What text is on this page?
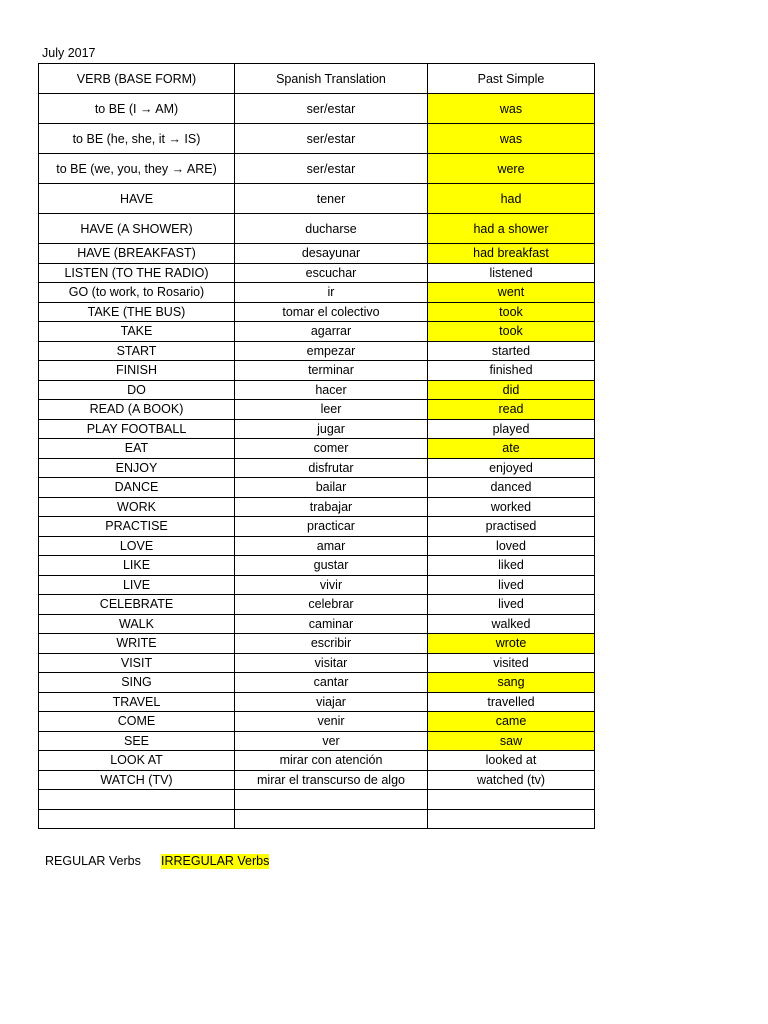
July 2017
VERB (BASE FORM)	Spanish Translation	Past Simple
to BE (I → AM)	ser/estar	was
to BE (he, she, it → IS)	ser/estar	was
to BE (we, you, they → ARE)	ser/estar	were
HAVE	tener	had
HAVE (A SHOWER)	ducharse	had a shower
HAVE (BREAKFAST)	desayunar	had breakfast
LISTEN (TO THE RADIO)	escuchar	listened
GO (to work, to Rosario)	ir	went
TAKE (THE BUS)	tomar el colectivo	took
TAKE	agarrar	took
START	empezar	started
FINISH	terminar	finished
DO	hacer	did
READ (A BOOK)	leer	read
PLAY FOOTBALL	jugar	played
EAT	comer	ate
ENJOY	disfrutar	enjoyed
DANCE	bailar	danced
WORK	trabajar	worked
PRACTISE	practicar	practised
LOVE	amar	loved
LIKE	gustar	liked
LIVE	vivir	lived
CELEBRATE	celebrar	lived
WALK	caminar	walked
WRITE	escribir	wrote
VISIT	visitar	visited
SING	cantar	sang
TRAVEL	viajar	travelled
COME	venir	came
SEE	ver	saw
LOOK AT	mirar con atención	looked at
WATCH (TV)	mirar el transcurso de algo	watched (tv)

REGULAR Verbs IRREGULAR Verbs
